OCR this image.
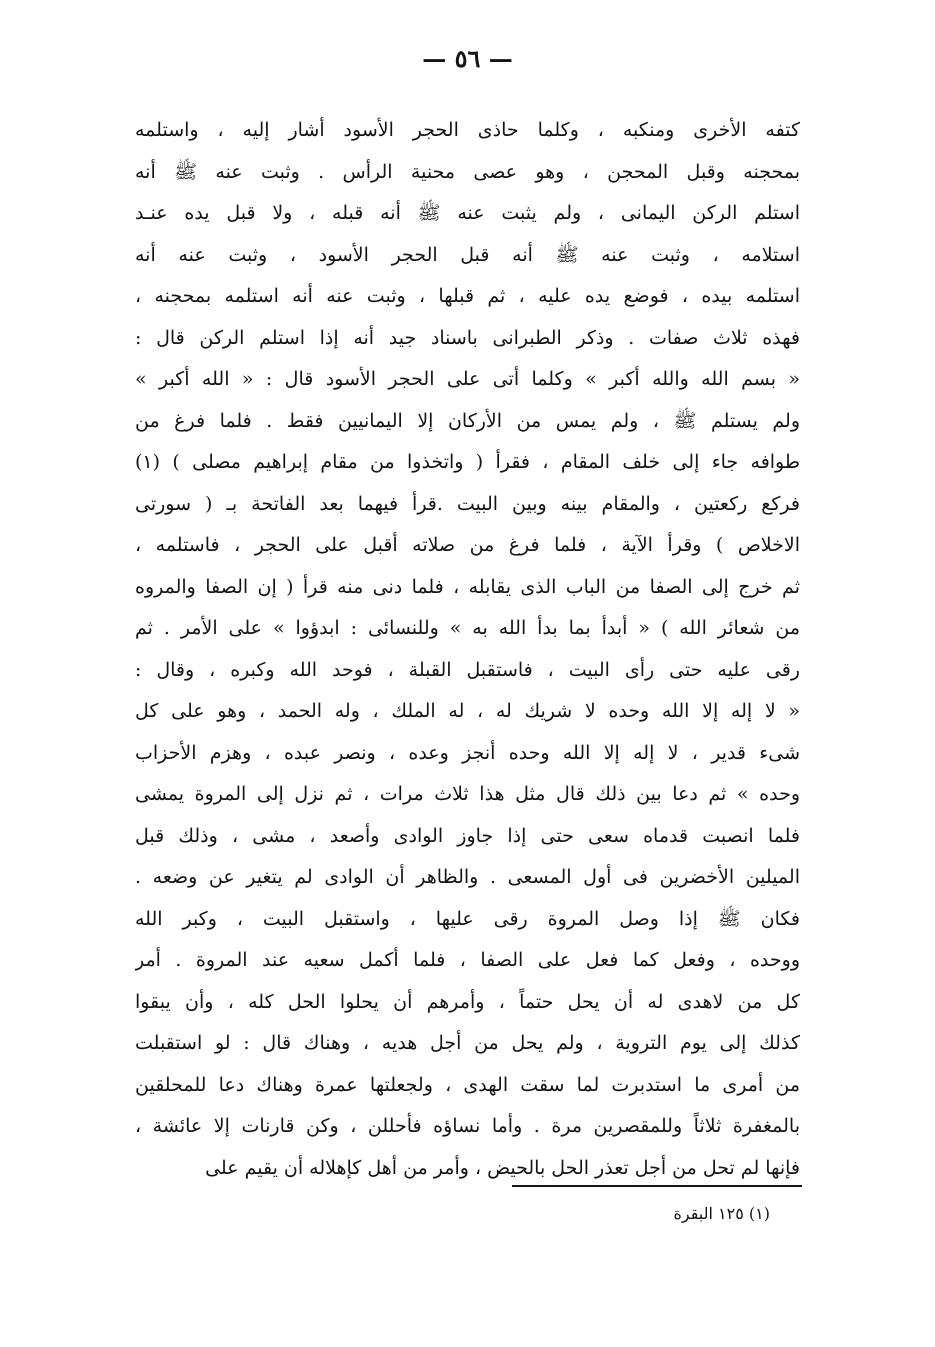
— ٥٦ —
كتفه الأخرى ومنكبه ، وكلما حاذى الحجر الأسود أشار إليه ، واستلمه
بمحجنه وقبل المحجن ، وهو عصى محنية الرأس . وثبت عنه ﷺ أنه
استلم الركن اليمانى ، ولم يثبت عنه ﷺ أنه قبله ، ولا قبل يده عنـد
استلامه ، وثبت عنه ﷺ أنه قبل الحجر الأسود ، وثبت عنه أنه
استلمه بيده ، فوضع يده عليه ، ثم قبلها ، وثبت عنه أنه استلمه بمحجنه ،
فهذه ثلاث صفات . وذكر الطبرانى باسناد جيد أنه إذا استلم الركن قال :
« بسم الله والله أكبر » وكلما أتى على الحجر الأسود قال : « الله أكبر »
ولم يستلم ﷺ ، ولم يمس من الأركان إلا اليمانيين فقط . فلما فرغ من
طوافه جاء إلى خلف المقام ، فقرأ ( واتخذوا من مقام إبراهيم مصلى ) (١)
فركع ركعتين ، والمقام بينه وبين البيت .قرأ فيهما بعد الفاتحة بـ ( سورتى
الاخلاص ) وقرأ الآية ، فلما فرغ من صلاته أقبل على الحجر ، فاستلمه ،
ثم خرج إلى الصفا من الباب الذى يقابله ، فلما دنى منه قرأ ( إن الصفا والمروه
من شعائر الله ) « أبدأ بما بدأ الله به » وللنسائى : ابدؤوا » على الأمر . ثم
رقى عليه حتى رأى البيت ، فاستقبل القبلة ، فوحد الله وكبره ، وقال :
« لا إله إلا الله وحده لا شريك له ، له الملك ، وله الحمد ، وهو على كل
شىء قدير ، لا إله إلا الله وحده أنجز وعده ، ونصر عبده ، وهزم الأحزاب
وحده » ثم دعا بين ذلك قال مثل هذا ثلاث مرات ، ثم نزل إلى المروة يمشى
فلما انصبت قدماه سعى حتى إذا جاوز الوادى وأصعد ، مشى ، وذلك قبل
الميلين الأخضرين فى أول المسعى . والظاهر أن الوادى لم يتغير عن وضعه .
فكان ﷺ إذا وصل المروة رقى عليها ، واستقبل البيت ، وكبر الله
ووحده ، وفعل كما فعل على الصفا ، فلما أكمل سعيه عند المروة . أمر
كل من لاهدى له أن يحل حتماً ، وأمرهم أن يحلوا الحل كله ، وأن يبقوا
كذلك إلى يوم التروية ، ولم يحل من أجل هديه ، وهناك قال : لو استقبلت
من أمرى ما استدبرت لما سقت الهدى ، ولجعلتها عمرة وهناك دعا للمحلقين
بالمغفرة ثلاثاً وللمقصرين مرة . وأما نساؤه فأحللن ، وكن قارنات إلا عائشة ،
فإنها لم تحل من أجل تعذر الحل بالحيض ، وأمر من أهل كإهلاله أن يقيم على
(١) ١٢٥ البقرة
